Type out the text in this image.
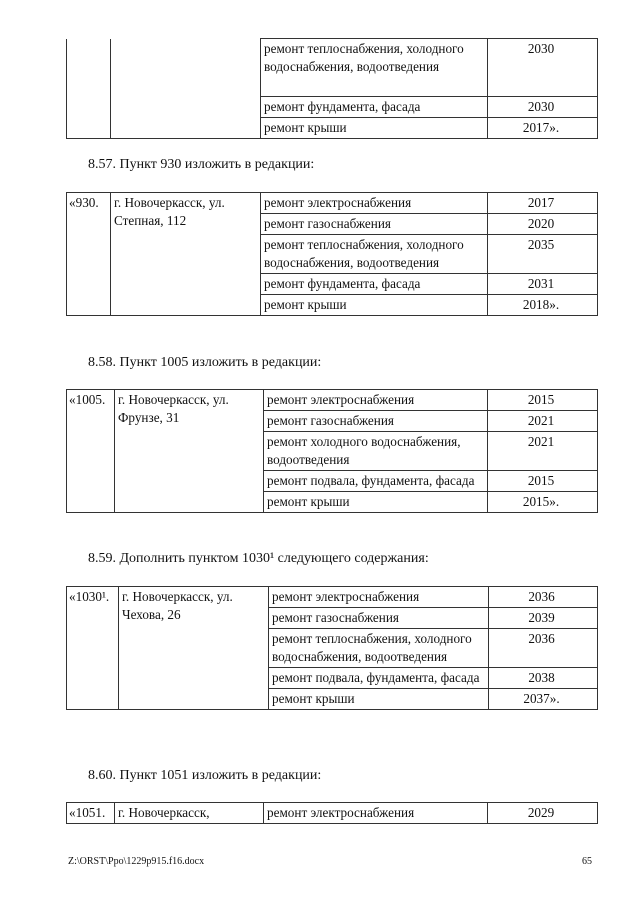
		ремонт теплоснабжения, холодного водоснабжения, водоотведения	2030
		ремонт фундамента, фасада	2030
		ремонт крыши	2017».
8.57. Пункт 930 изложить в редакции:
«930.	г. Новочеркасск, ул. Степная, 112	ремонт электроснабжения	2017
		ремонт газоснабжения	2020
		ремонт теплоснабжения, холодного водоснабжения, водоотведения	2035
		ремонт фундамента, фасада	2031
		ремонт крыши	2018».
8.58. Пункт 1005 изложить в редакции:
«1005.	г. Новочеркасск, ул. Фрунзе, 31	ремонт электроснабжения	2015
		ремонт газоснабжения	2021
		ремонт холодного водоснабжения, водоотведения	2021
		ремонт подвала, фундамента, фасада	2015
		ремонт крыши	2015».
8.59. Дополнить пунктом 1030¹ следующего содержания:
«1030¹.	г. Новочеркасск, ул. Чехова, 26	ремонт электроснабжения	2036
		ремонт газоснабжения	2039
		ремонт теплоснабжения, холодного водоснабжения, водоотведения	2036
		ремонт подвала, фундамента, фасада	2038
		ремонт крыши	2037».
8.60. Пункт 1051 изложить в редакции:
«1051.	г. Новочеркасск,	ремонт электроснабжения	2029
Z:\ORST\Ppo\1229p915.f16.docx	65
